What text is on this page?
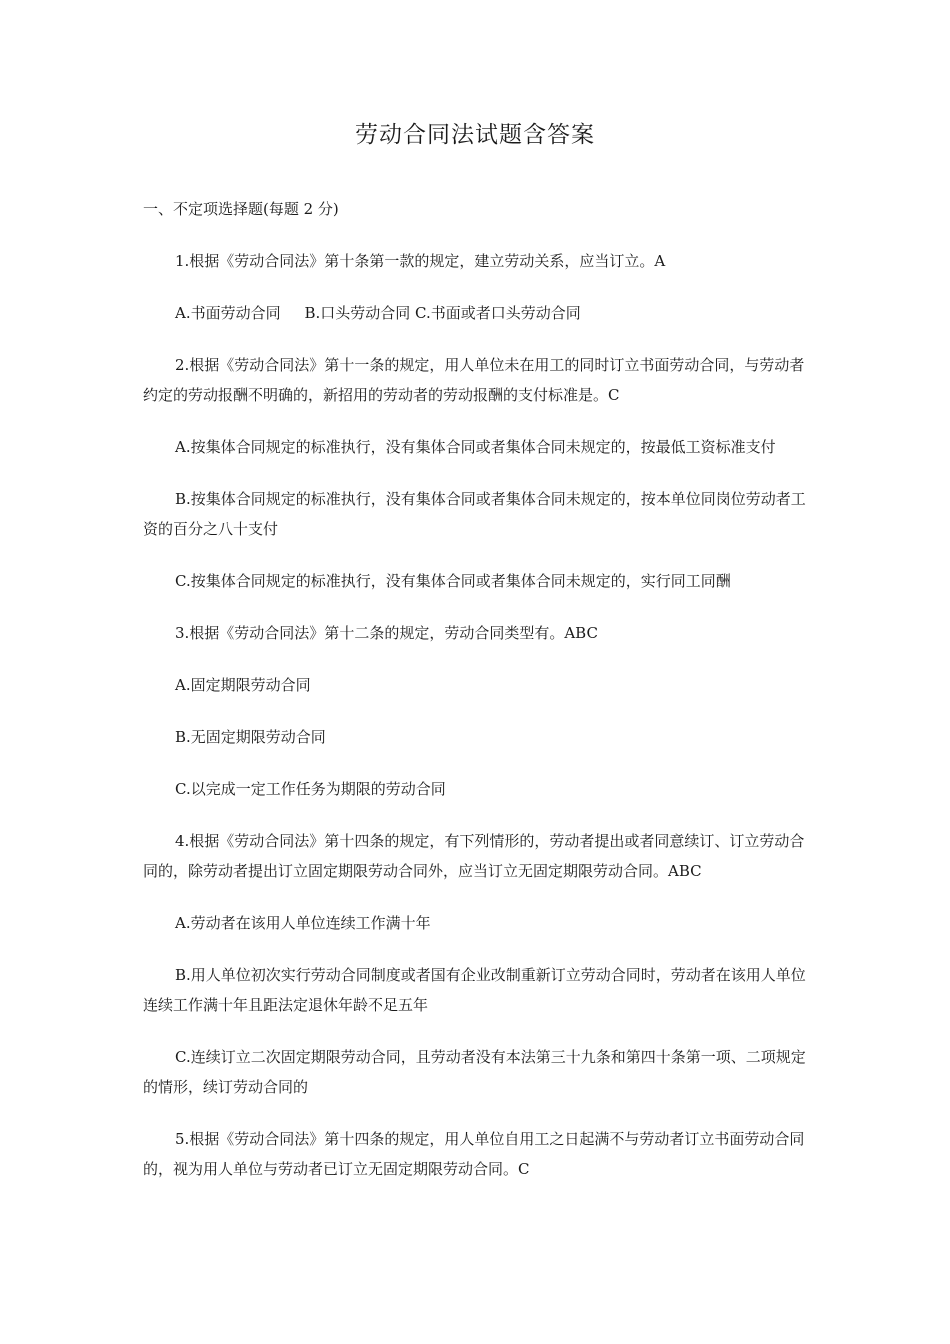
劳动合同法试题含答案

一、不定项选择题(每题 2 分)

1.根据《劳动合同法》第十条第一款的规定，建立劳动关系，应当订立。A

A.书面劳动合同     B.口头劳动合同 C.书面或者口头劳动合同

2.根据《劳动合同法》第十一条的规定，用人单位未在用工的同时订立书面劳动合同，与劳动者约定的劳动报酬不明确的，新招用的劳动者的劳动报酬的支付标准是。C

A.按集体合同规定的标准执行，没有集体合同或者集体合同未规定的，按最低工资标准支付

B.按集体合同规定的标准执行，没有集体合同或者集体合同未规定的，按本单位同岗位劳动者工资的百分之八十支付

C.按集体合同规定的标准执行，没有集体合同或者集体合同未规定的，实行同工同酬

3.根据《劳动合同法》第十二条的规定，劳动合同类型有。ABC

A.固定期限劳动合同

B.无固定期限劳动合同

C.以完成一定工作任务为期限的劳动合同

4.根据《劳动合同法》第十四条的规定，有下列情形的，劳动者提出或者同意续订、订立劳动合同的，除劳动者提出订立固定期限劳动合同外，应当订立无固定期限劳动合同。ABC

A.劳动者在该用人单位连续工作满十年

B.用人单位初次实行劳动合同制度或者国有企业改制重新订立劳动合同时，劳动者在该用人单位连续工作满十年且距法定退休年龄不足五年

C.连续订立二次固定期限劳动合同，且劳动者没有本法第三十九条和第四十条第一项、二项规定的情形，续订劳动合同的

5.根据《劳动合同法》第十四条的规定，用人单位自用工之日起满不与劳动者订立书面劳动合同的，视为用人单位与劳动者已订立无固定期限劳动合同。C
